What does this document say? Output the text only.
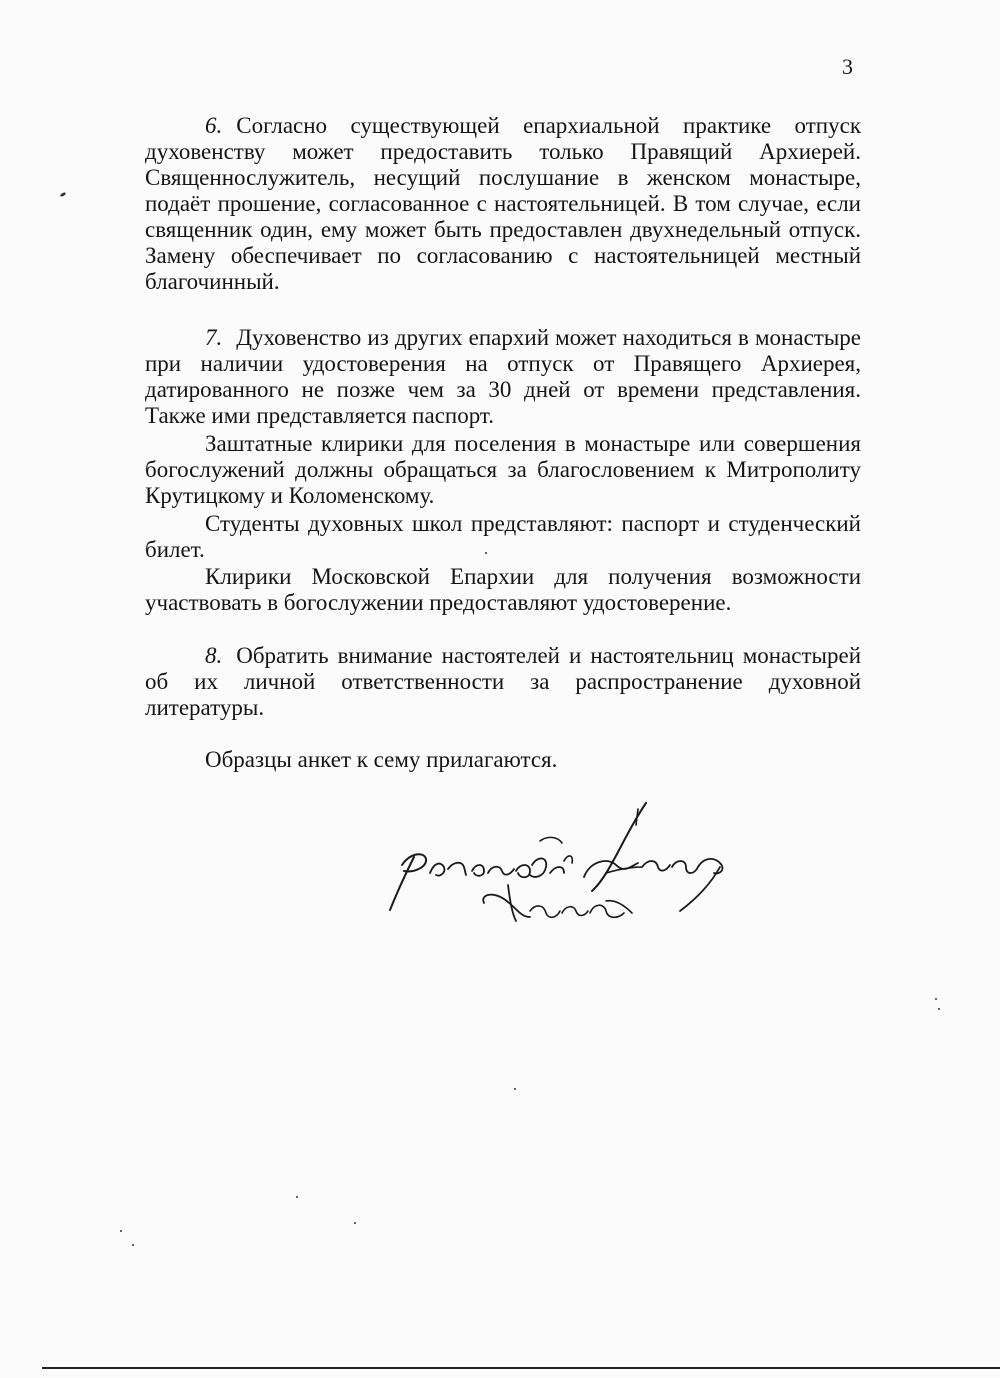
3

6. Согласно существующей епархиальной практике отпуск духовенству может предоставить только Правящий Архиерей. Священнослужитель, несущий послушание в женском монастыре, подаёт прошение, согласованное с настоятельницей. В том случае, если священник один, ему может быть предоставлен двухнедельный отпуск. Замену обеспечивает по согласованию с настоятельницей местный благочинный.

7. Духовенство из других епархий может находиться в монастыре при наличии удостоверения на отпуск от Правящего Архиерея, датированного не позже чем за 30 дней от времени представления. Также ими представляется паспорт.

Заштатные клирики для поселения в монастыре или совершения богослужений должны обращаться за благословением к Митрополиту Крутицкому и Коломенскому.

Студенты духовных школ представляют: паспорт и студенческий билет.

Клирики Московской Епархии для получения возможности участвовать в богослужении предоставляют удостоверение.

8. Обратить внимание настоятелей и настоятельниц монастырей об их личной ответственности за распространение духовной литературы.

Образцы анкет к сему прилагаются.
